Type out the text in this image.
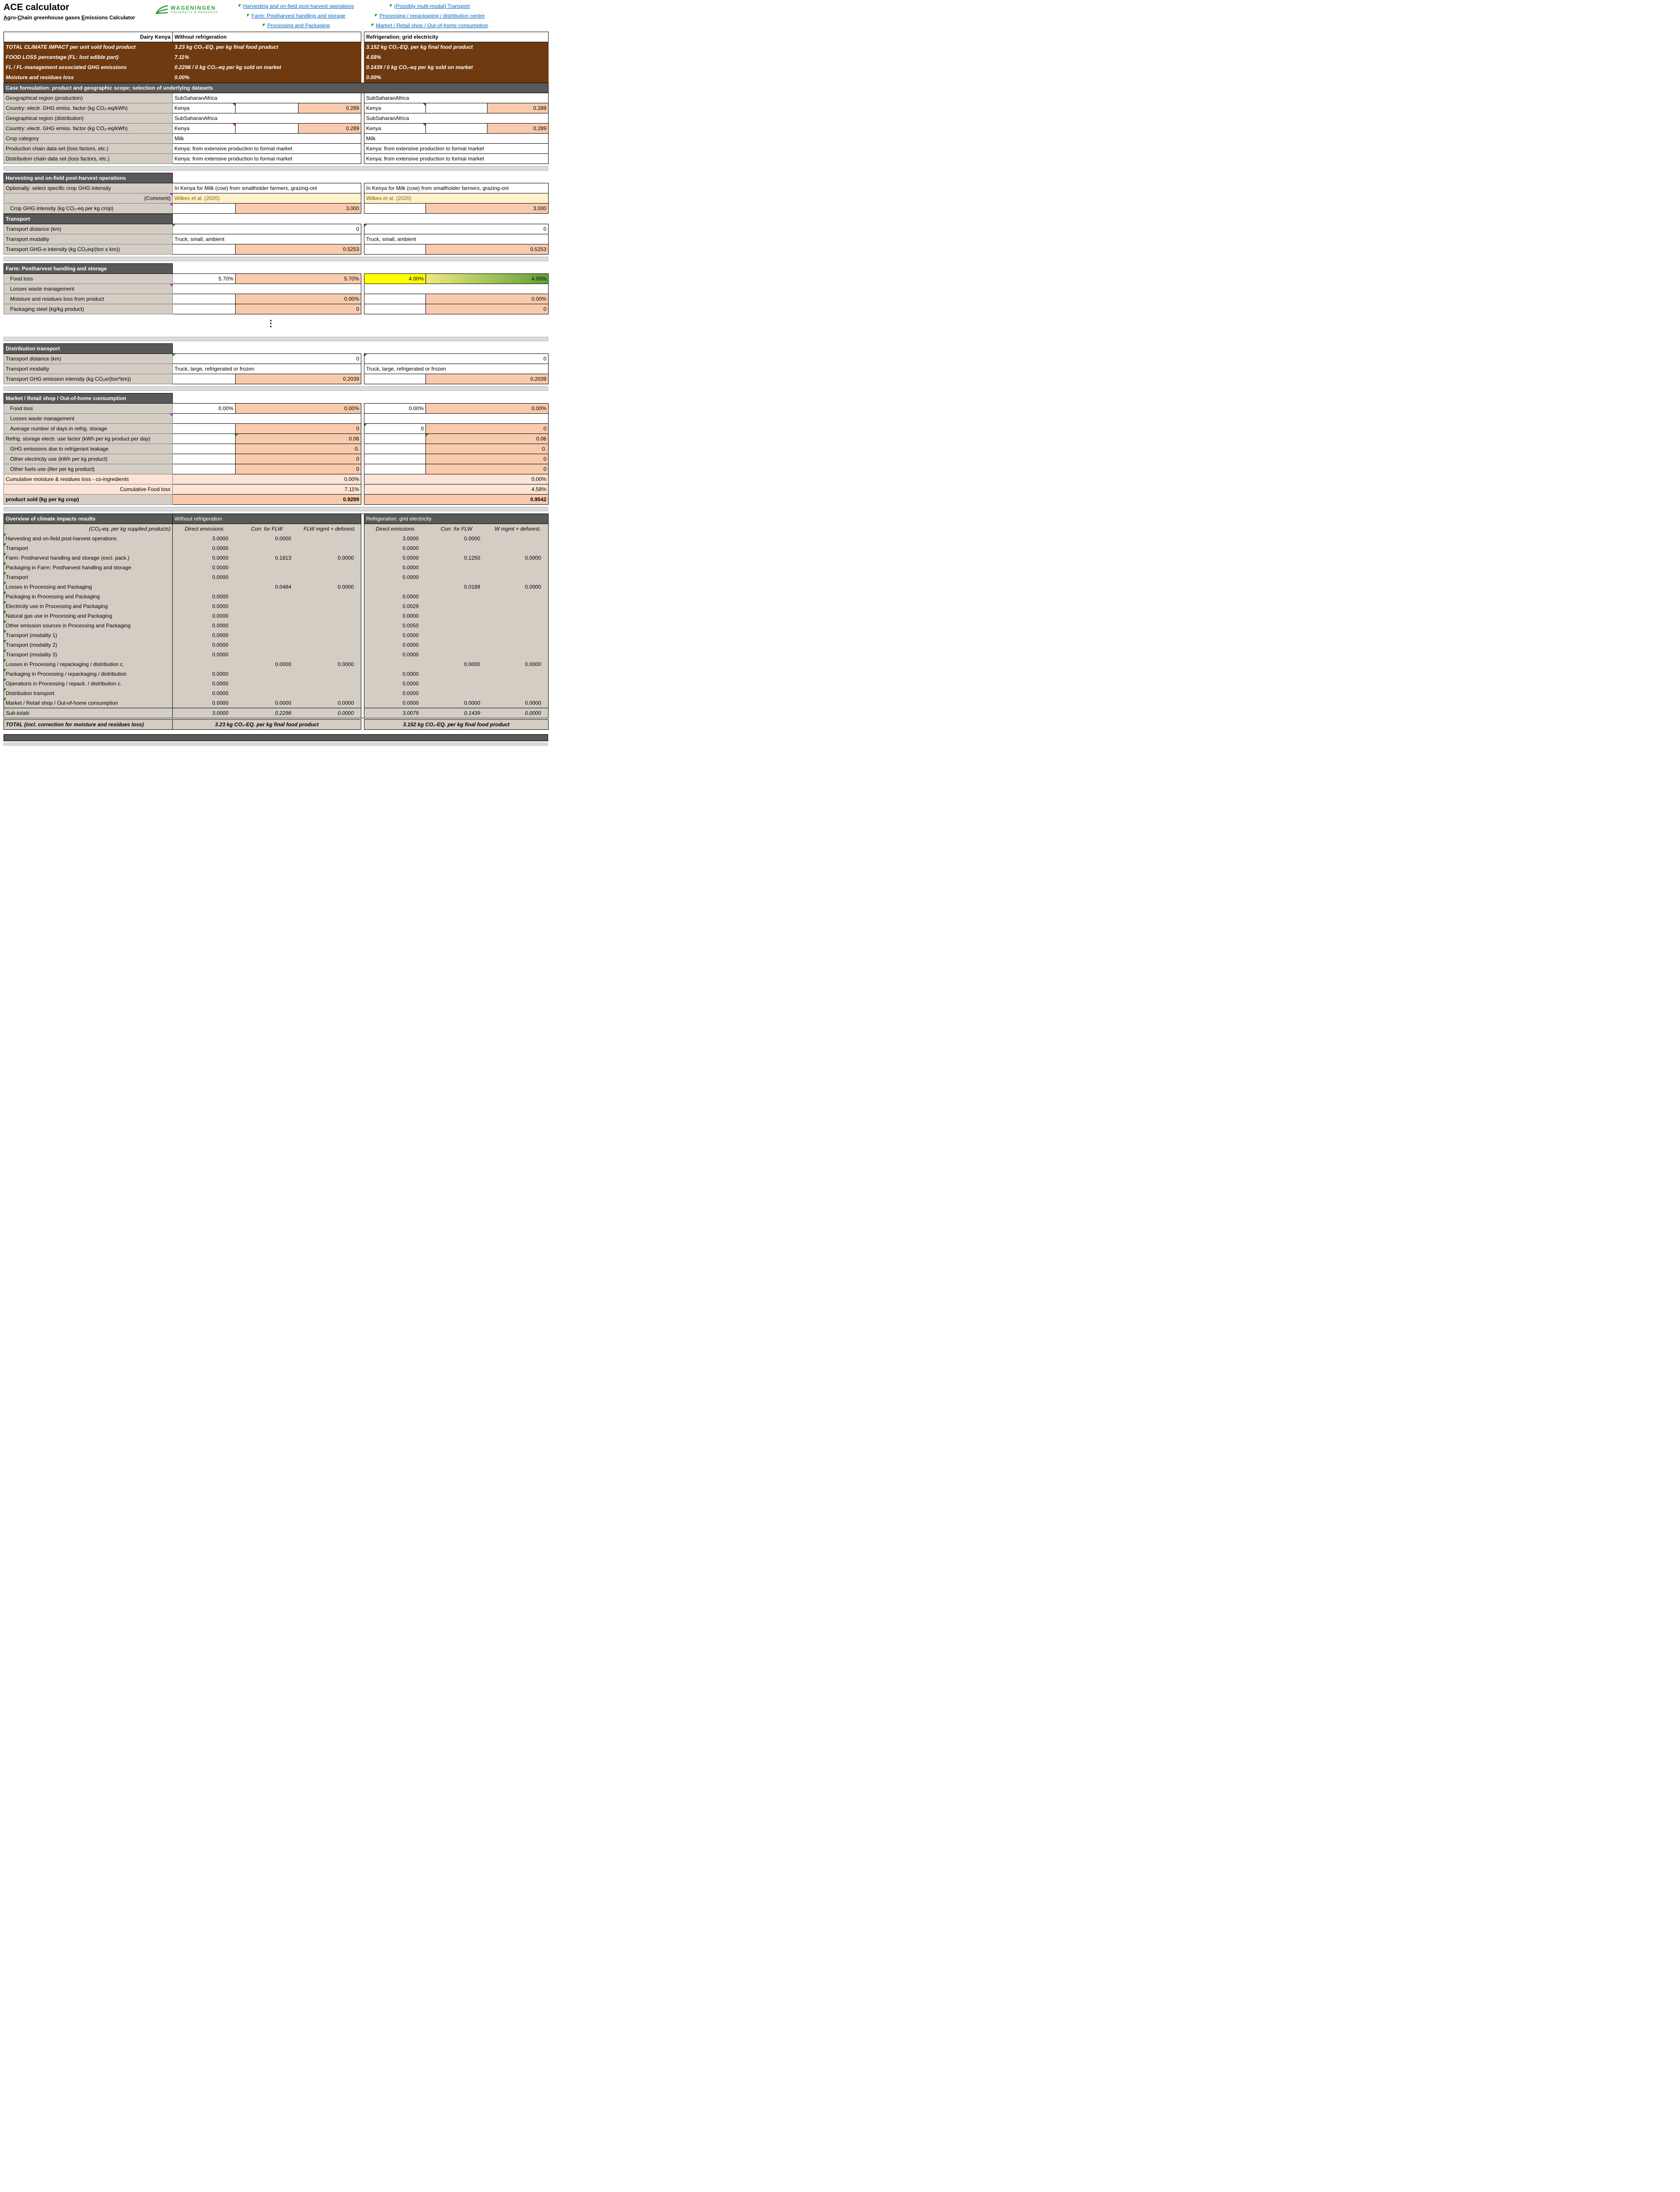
ACE calculator
Agro-Chain greenhouse gases Emissions Calculator
WAGENINGEN
UNIVERSITY & RESEARCH
Harvesting and on-field post-harvest operations
Farm: Postharvest handling and storage
Processing and Packaging
(Possibly multi-modal) Transport
Processing / repackaging / distribution centre
Market / Retail shop / Out-of-home consumption
Dairy Kenya	Without refrigeration		Refrigeration; grid electricity
TOTAL CLIMATE IMPACT per unit sold food product	3.23 kg CO₂-EQ. per kg final food product		3.152 kg CO₂-EQ. per kg final food product
FOOD LOSS percentage (FL: lost edible part)	7.11%		4.58%
FL / FL-management associated GHG emissions	0.2298 / 0 kg CO₂-eq per kg sold on market		0.1439 / 0 kg CO₂-eq per kg sold on market
Moisture and residues loss	0.00%		0.00%
Case formulation: product and geographic scope; selection of underlying datasets							
Geographical region (production)	SubSaharanAfrica				SubSaharanAfrica		
Country: electr. GHG emiss. factor (kg CO₂-eq/kWh)	Kenya		0.289		Kenya		0.289
Geographical region (distribution)	SubSaharanAfrica				SubSaharanAfrica		
Country: electr. GHG emiss. factor (kg CO₂-eq/kWh)	Kenya		0.289		Kenya		0.289
Crop category	Milk				Milk		
Production chain data set (loss factors, etc.)	Kenya: from extensive production to formal market				Kenya: from extensive production to formal market		
Distribution chain data set (loss factors, etc.)	Kenya: from extensive production to formal market				Kenya: from extensive production to formal market		
Harvesting and on-field post-harvest operations		

Optionally: select specific crop GHG intensity	In Kenya for Milk (cow) from smallholder farmers, grazing-onl			In Kenya for Milk (cow) from smallholder farmers, grazing-onl	
(Comment)	Wilkes et al. (2020)			Wilkes et al. (2020)	
Crop GHG intensity (kg CO₂-eq per kg crop)		3.000			3.000
Transport					
Transport distance (km)	0			0	
Transport modality	Truck, small, ambient			Truck, small, ambient	
Transport GHG-e intensity (kg CO₂eq/(ton x km))		0.5253			0.5253
Farm: Postharvest handling and storage		

Food loss	5.70%	5.70%		4.00%	4.00%
Losses waste management		

Moisture and residues loss from product		0.00%			0.00%
Packaging steel (kg/kg product)		0			0
⋮
Distribution transport					
Transport distance (km)	0			0	
Transport modality	Truck, large, refrigerated or frozen			Truck, large, refrigerated or frozen	
Transport GHG emission intensity (kg CO₂e/(ton*km))		0.2039			0.2039
Market / Retail shop / Out-of-home consumption					
Food loss	0.00%	0.00%		0.00%	0.00%
Losses waste management		

Average number of days in refrig. storage		0		0	0
Refrig. storage electr. use factor (kWh per kg product per day)		0.06			0.06
GHG emissions due to refrigerant leakage		0.			0.
Other electricity use (kWh per kg product)		0			0
Other fuels use (liter per kg product)		0			0
Cumulative moisture & residues loss - co-ingredients	0.00%			0.00%	
Cumulative Food loss	7.11%			4.58%	
product sold (kg per kg crop)	0.9289			0.9542	
Overview of climate impacts results	Without refrigeration				Refrigeration; grid electricity		
(CO₂-eq. per kg supplied products)	Direct emissions	Corr. for FLW	FLW mgmt + deforest.		Direct emissions	Corr. for FLW	W mgmt + deforest.

Harvesting and on-field post-harvest operations	3.0000	0.0000			3.0000	0.0000	

Transport	0.0000				0.0000		

Farm: Postharvest handling and storage (excl. pack.)	0.0000	0.1813	0.0000		0.0000	0.1250	0.0000

Packaging in Farm: Postharvest handling and storage	0.0000				0.0000		

Transport	0.0000				0.0000		

Losses in Processing and Packaging		0.0484	0.0000			0.0189	0.0000

Packaging in Processing and Packaging	0.0000				0.0000		

Electricity use in Processing and Packaging	0.0000				0.0029		

Natural gas use in Processing and Packaging	0.0000				0.0000		

Other emission sources in Processing and Packaging	0.0000				0.0050		

Transport (modality 1)	0.0000				0.0000		

Transport (modality 2)	0.0000				0.0000		

Transport (modality 3)	0.0000				0.0000		

Losses in Processing / repackaging / distribution c.		0.0000	0.0000			0.0000	0.0000

Packaging in Processing / repackaging / distribution	0.0000				0.0000		

Operations in Processing / repack. / distribution c.	0.0000				0.0000		

Distribution transport	0.0000				0.0000		

Market / Retail shop / Out-of-home consumption	0.0000	0.0000	0.0000		0.0000	0.0000	0.0000
Sub-totals	3.0000	0.2298	0.0000		3.0079	0.1439	0.0000
TOTAL (incl. correction for moisture and residues loss)	3.23 kg CO₂-EQ. per kg final food product		3.152 kg CO₂-EQ. per kg final food product
